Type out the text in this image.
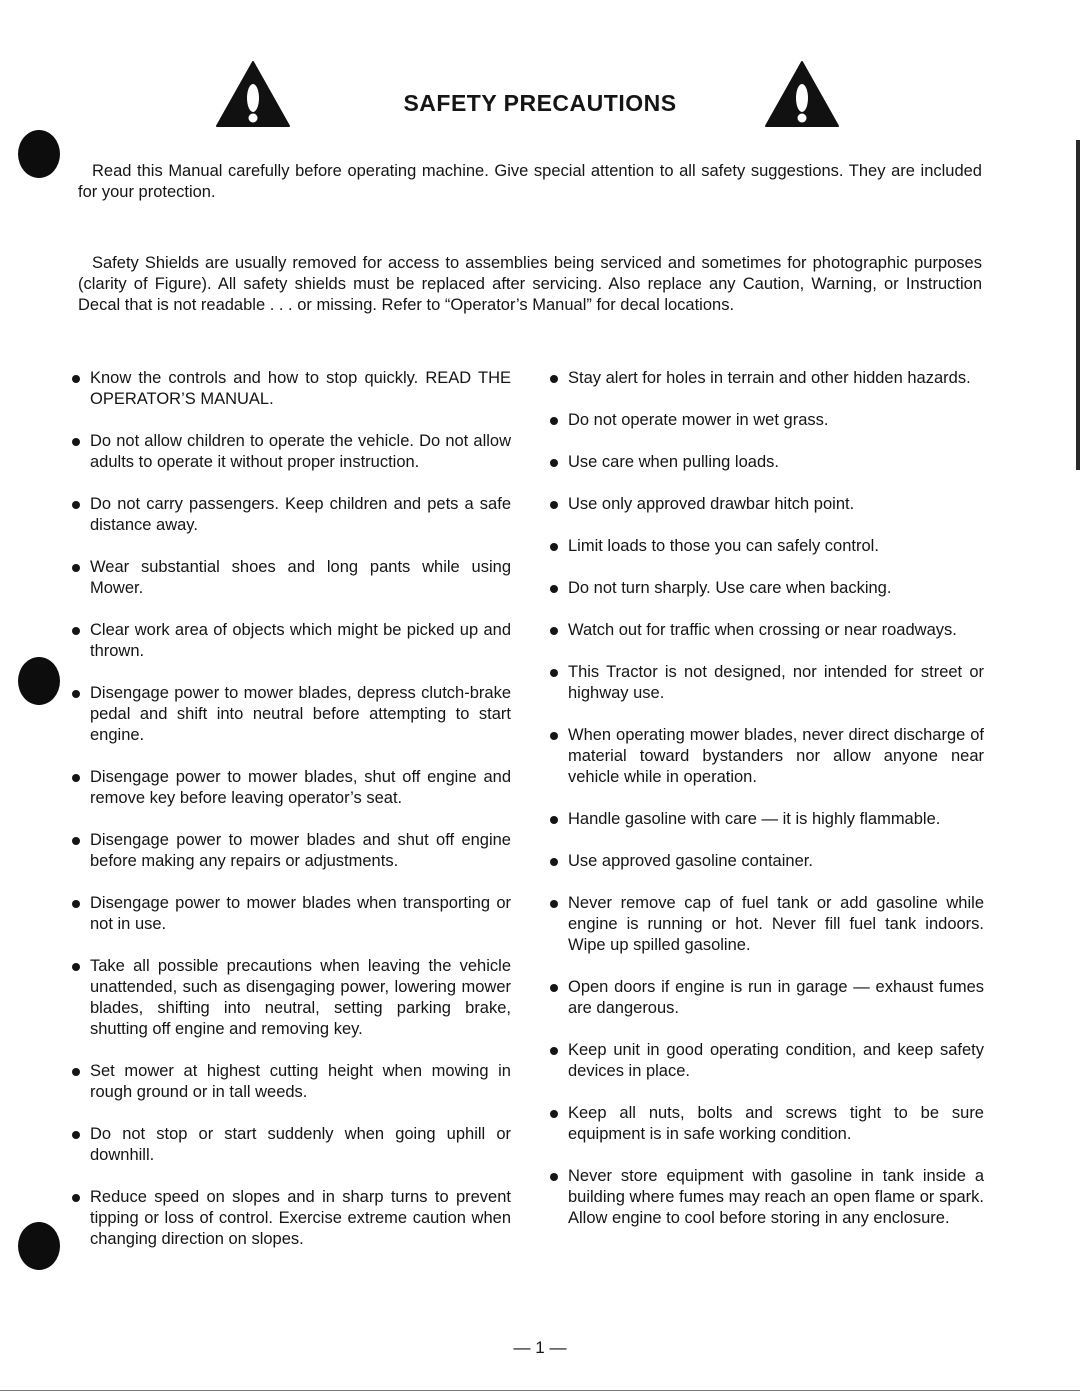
SAFETY PRECAUTIONS

Read this Manual carefully before operating machine. Give special attention to all safety suggestions. They are included for your protection.

Safety Shields are usually removed for access to assemblies being serviced and sometimes for photographic purposes (clarity of Figure). All safety shields must be replaced after servicing. Also replace any Caution, Warning, or Instruction Decal that is not readable . . . or missing. Refer to “Operator’s Manual” for decal locations.

Know the controls and how to stop quickly. READ THE OPERATOR’S MANUAL.
Do not allow children to operate the vehicle. Do not allow adults to operate it without proper instruction.
Do not carry passengers. Keep children and pets a safe distance away.
Wear substantial shoes and long pants while using Mower.
Clear work area of objects which might be picked up and thrown.
Disengage power to mower blades, depress clutch-brake pedal and shift into neutral before attempting to start engine.
Disengage power to mower blades, shut off engine and remove key before leaving operator’s seat.
Disengage power to mower blades and shut off engine before making any repairs or adjustments.
Disengage power to mower blades when transporting or not in use.
Take all possible precautions when leaving the vehicle unattended, such as disengaging power, lowering mower blades, shifting into neutral, setting parking brake, shutting off engine and removing key.
Set mower at highest cutting height when mowing in rough ground or in tall weeds.
Do not stop or start suddenly when going uphill or downhill.
Reduce speed on slopes and in sharp turns to prevent tipping or loss of control. Exercise extreme caution when changing direction on slopes.
Stay alert for holes in terrain and other hidden hazards.
Do not operate mower in wet grass.
Use care when pulling loads.
Use only approved drawbar hitch point.
Limit loads to those you can safely control.
Do not turn sharply. Use care when backing.
Watch out for traffic when crossing or near roadways.
This Tractor is not designed, nor intended for street or highway use.
When operating mower blades, never direct discharge of material toward bystanders nor allow anyone near vehicle while in operation.
Handle gasoline with care — it is highly flammable.
Use approved gasoline container.
Never remove cap of fuel tank or add gasoline while engine is running or hot. Never fill fuel tank indoors. Wipe up spilled gasoline.
Open doors if engine is run in garage — exhaust fumes are dangerous.
Keep unit in good operating condition, and keep safety devices in place.
Keep all nuts, bolts and screws tight to be sure equipment is in safe working condition.
Never store equipment with gasoline in tank inside a building where fumes may reach an open flame or spark. Allow engine to cool before storing in any enclosure.
— 1 —
